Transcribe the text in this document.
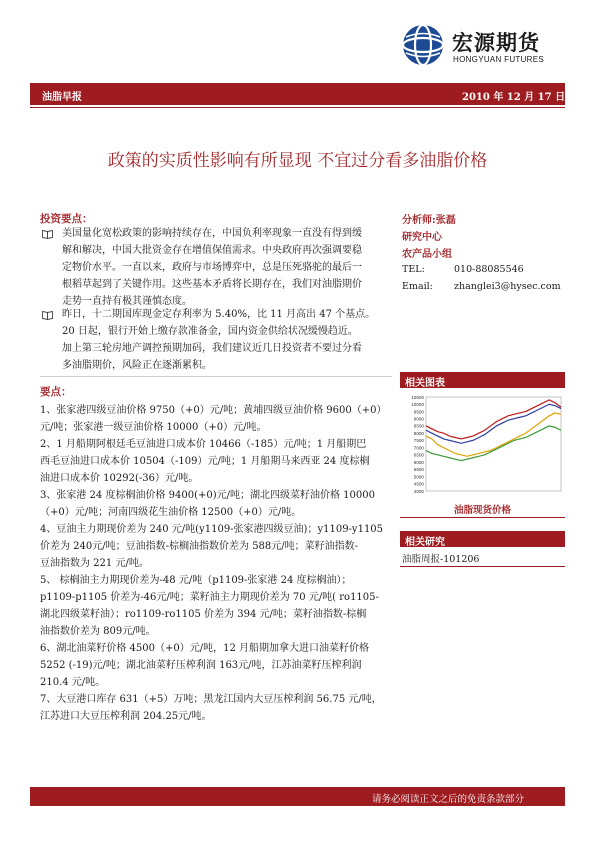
宏源期货
HONGYUAN FUTURES
油脂早报	2010 年 12 月 17 日
政策的实质性影响有所显现 不宜过分看多油脂价格
投资要点：
美国量化宽松政策的影响持续存在，中国负利率现象一直没有得到缓
解和解决，中国大批资金存在增值保值需求。中央政府再次强调要稳
定物价水平。一直以来，政府与市场博弈中，总是压死骆驼的最后一
根稻草起到了关键作用。这些基本矛盾将长期存在，我们对油脂期价
走势一直持有极其谨慎态度。
昨日，十二期国库现金定存利率为 5.40%，比 11 月高出 47 个基点。
20 日起，银行开始上缴存款准备金，国内资金供给状况缓慢趋近。
加上第三轮房地产调控预期加码，我们建议近几日投资者不要过分看
多油脂期价，风险正在逐渐累积。
要点：
1、张家港四级豆油价格 9750（+0）元/吨；黄埔四级豆油价格 9600（+0）
元/吨；张家港一级豆油价格 10000（+0）元/吨。
2、1 月船期阿根廷毛豆油进口成本价 10466（-185）元/吨；1 月船期巴
西毛豆油进口成本价 10504（-109）元/吨；1 月船期马来西亚 24 度棕榈
油进口成本价 10292(-36）元/吨。
3、张家港 24 度棕榈油价格 9400(+0)元/吨；湖北四级菜籽油价格 10000
（+0）元/吨；河南四级花生油价格 12500（+0）元/吨。
4、豆油主力期现价差为 240 元/吨(y1109-张家港四级豆油)；y1109-y1105
价差为 240元/吨；豆油指数-棕榈油指数价差为 588元/吨；菜籽油指数-
豆油指数为 221 元/吨。
5、 棕榈油主力期现价差为-48 元/吨（p1109-张家港 24 度棕榈油）；
p1109-p1105 价差为-46元/吨；菜籽油主力期现价差为 70 元/吨( ro1105-
湖北四级菜籽油）；ro1109-ro1105 价差为 394 元/吨；菜籽油指数-棕榈
油指数价差为 809元/吨。
6、湖北油菜籽价格 4500（+0）元/吨，12 月船期加拿大进口油菜籽价格
5252 (-19)元/吨；湖北油菜籽压榨利润 163元/吨，江苏油菜籽压榨利润
210.4 元/吨。
7、大豆港口库存 631（+5）万吨；黑龙江国内大豆压榨利润 56.75 元/吨，
江苏进口大豆压榨利润 204.25元/吨。
分析师:张磊
研究中心
农产品小组
TEL:	010-88085546
Email: zhanglei3@hysec.com
相关图表
10500
10000
9500
9000
8500
8000
7500
7000
6500
6000
5500
5000
4500
4000
油脂现货价格
相关研究
油脂周报-101206
请务必阅读正文之后的免责条款部分
